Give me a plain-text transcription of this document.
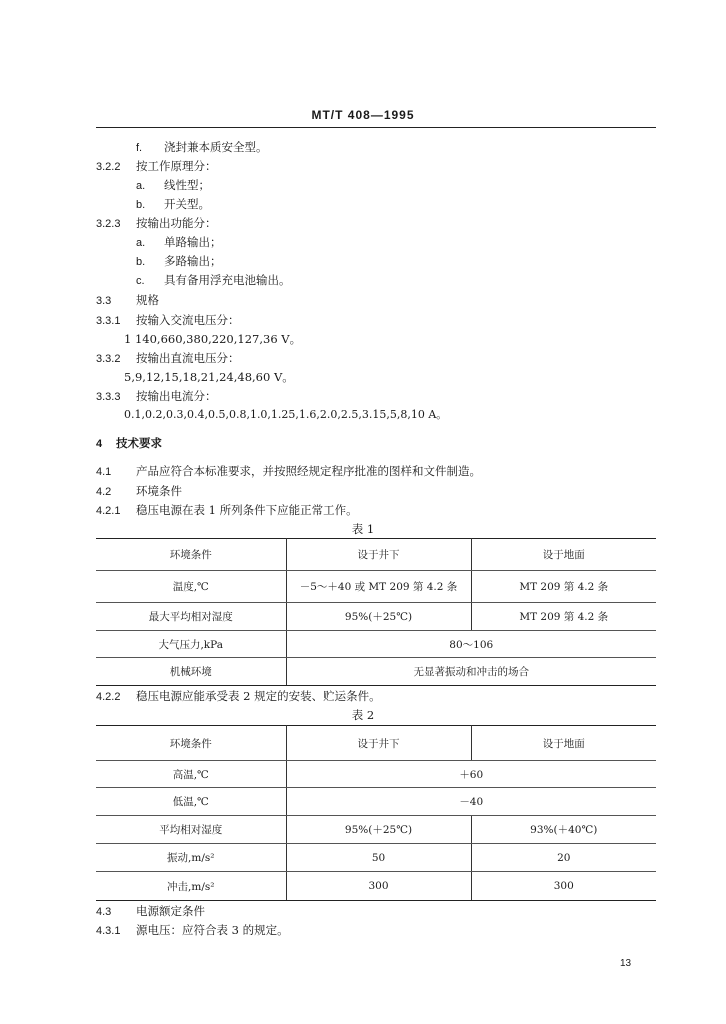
MT/T 408—1995
f. 浇封兼本质安全型。
3.2.2 按工作原理分：
a. 线性型；
b. 开关型。
3.2.3 按输出功能分：
a. 单路输出；
b. 多路输出；
c. 具有备用浮充电池输出。
3.3 规格
3.3.1 按输入交流电压分：
1 140,660,380,220,127,36 V。
3.3.2 按输出直流电压分：
5,9,12,15,18,21,24,48,60 V。
3.3.3 按输出电流分：
0.1,0.2,0.3,0.4,0.5,0.8,1.0,1.25,1.6,2.0,2.5,3.15,5,8,10 A。
4 技术要求
4.1 产品应符合本标准要求，并按照经规定程序批准的图样和文件制造。
4.2 环境条件
4.2.1 稳压电源在表 1 所列条件下应能正常工作。
表 1
环境条件	设于井下	设于地面
温度,℃	－5～＋40 或 MT 209 第 4.2 条	MT 209 第 4.2 条
最大平均相对湿度	95%(＋25℃)	MT 209 第 4.2 条
大气压力,kPa	80～106	
机械环境	无显著振动和冲击的场合	
4.2.2 稳压电源应能承受表 2 规定的安装、贮运条件。
表 2
环境条件	设于井下	设于地面
高温,℃	＋60	
低温,℃	－40	
平均相对湿度	95%(＋25℃)	93%(＋40℃)
振动,m/s²	50	20
冲击,m/s²	300	300
4.3 电源额定条件
4.3.1 源电压：应符合表 3 的规定。
13
